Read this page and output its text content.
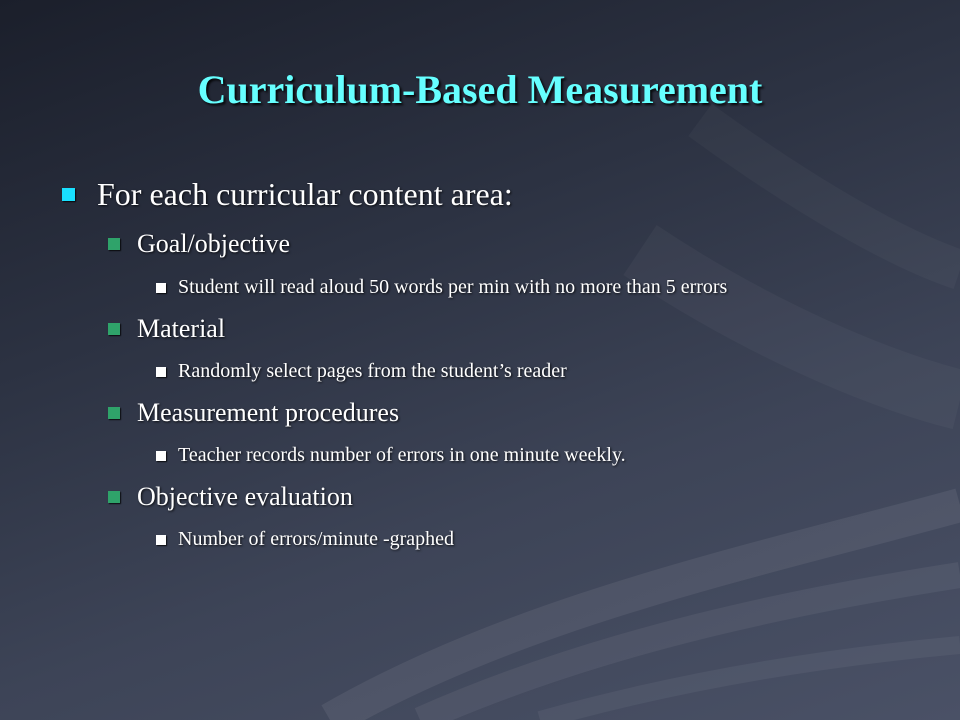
Curriculum-Based Measurement
For each curricular content area:
Goal/objective
Student will read aloud 50 words per min with no more than 5 errors
Material
Randomly select pages from the student’s reader
Measurement procedures
Teacher records number of errors in one minute weekly.
Objective evaluation
Number of errors/minute -graphed
